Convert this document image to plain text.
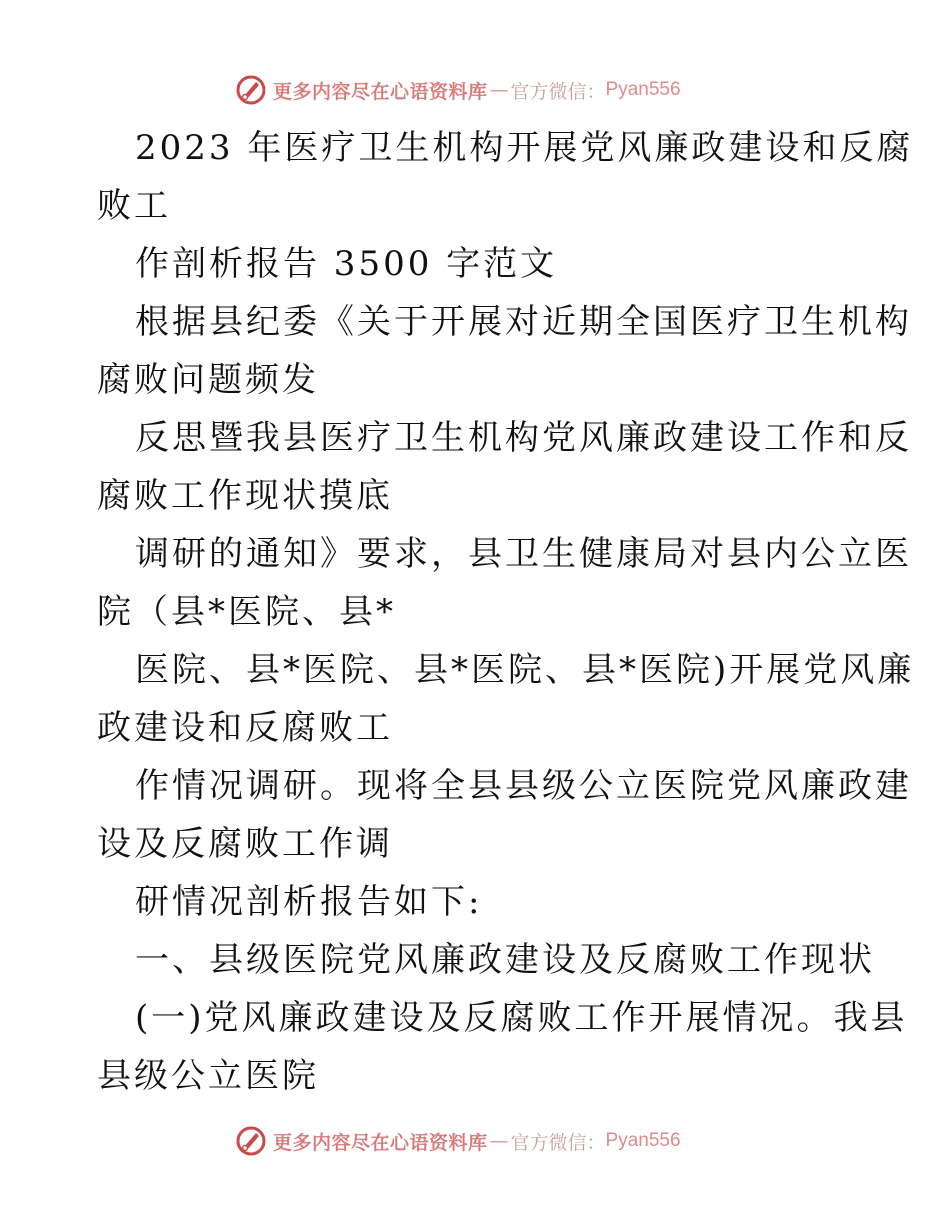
更多内容尽在心语资料库 — 官方微信： Pyan556
2023 年医疗卫生机构开展党风廉政建设和反腐
败工
作剖析报告 3500 字范文
根据县纪委《关于开展对近期全国医疗卫生机构
腐败问题频发
反思暨我县医疗卫生机构党风廉政建设工作和反
腐败工作现状摸底
调研的通知》要求，县卫生健康局对县内公立医
院（县*医院、县*
医院、县*医院、县*医院、县*医院)开展党风廉
政建设和反腐败工
作情况调研。现将全县县级公立医院党风廉政建
设及反腐败工作调
研情况剖析报告如下:
一、县级医院党风廉政建设及反腐败工作现状
(一)党风廉政建设及反腐败工作开展情况。我县
县级公立医院
更多内容尽在心语资料库 — 官方微信： Pyan556
